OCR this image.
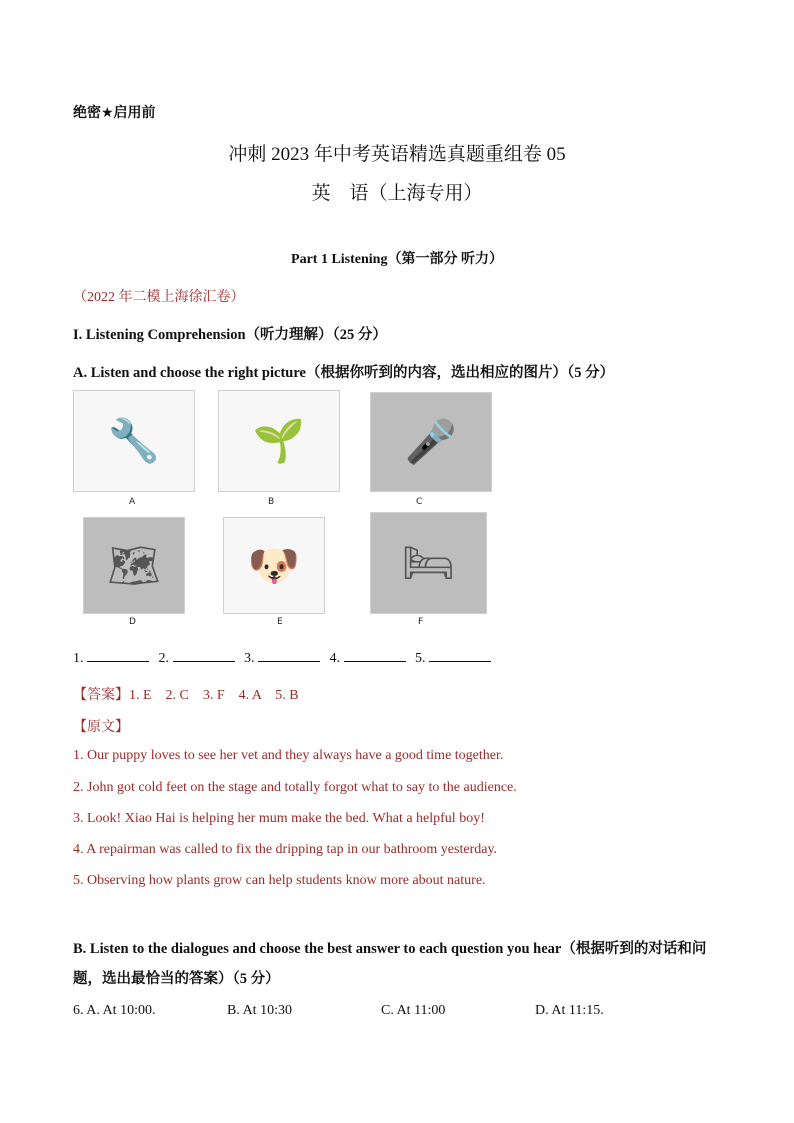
绝密★启用前
冲刺 2023 年中考英语精选真题重组卷 05
英　语（上海专用）
Part 1 Listening（第一部分 听力）
（2022 年二模上海徐汇卷）
I. Listening Comprehension（听力理解）（25 分）
A. Listen and choose the right picture（根据你听到的内容，选出相应的图片）（5 分）
🔧
A
🌱
B
🎤
C
🗺
D
🐶
E
🛏
F
1.	2.	3.	4.	5.
【答案】1. E　2. C　3. F　4. A　5. B
【原文】
1. Our puppy loves to see her vet and they always have a good time together.
2. John got cold feet on the stage and totally forgot what to say to the audience.
3. Look! Xiao Hai is helping her mum make the bed. What a helpful boy!
4. A repairman was called to fix the dripping tap in our bathroom yesterday.
5. Observing how plants grow can help students know more about nature.
B. Listen to the dialogues and choose the best answer to each question you hear（根据听到的对话和问题，选出最恰当的答案）（5 分）
6. A. At 10:00.	B. At 10:30	C. At 11:00	D. At 11:15.
